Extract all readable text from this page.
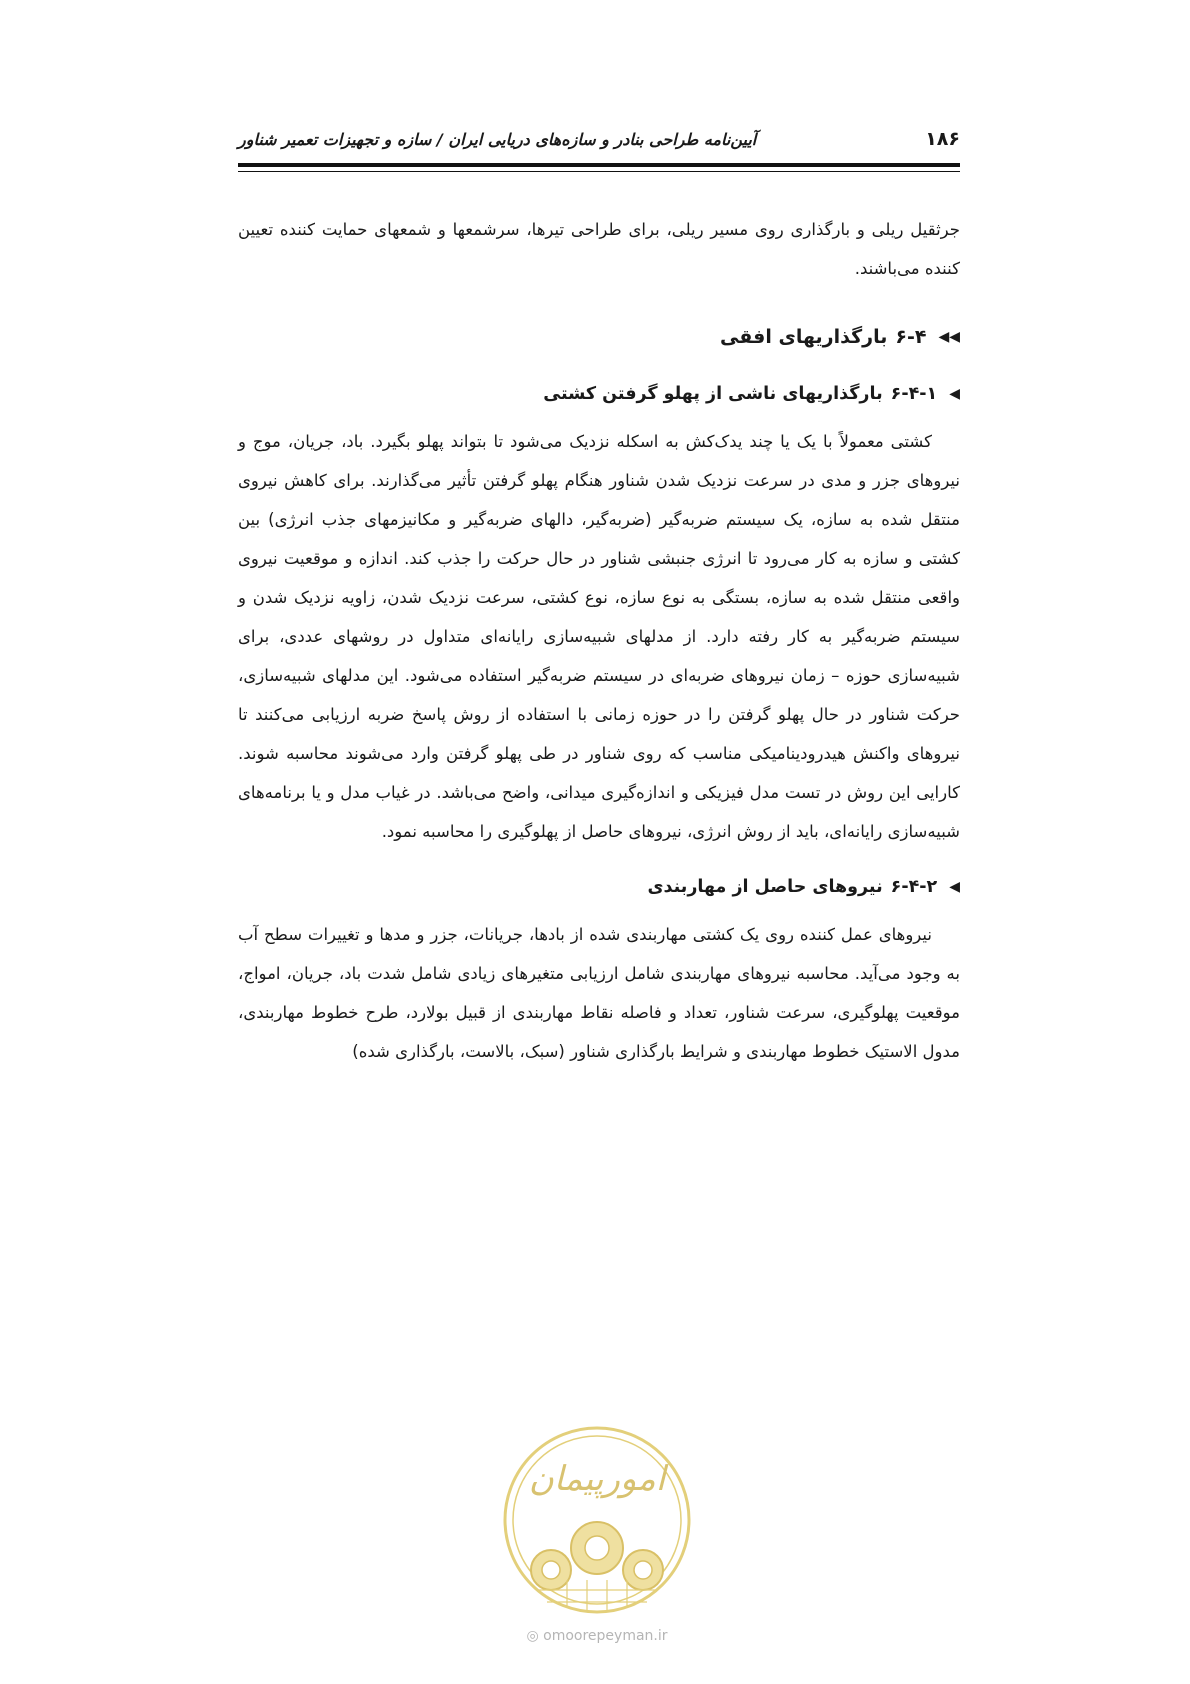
۱۸۶
آیین‌نامه طراحی بنادر و سازه‌های دریایی ایران / سازه و تجهیزات تعمیر شناور

جرثقیل ریلی و بارگذاری روی مسیر ریلی، برای طراحی تیرها، سرشمعها و شمعهای حمایت کننده تعیین کننده می‌باشند.

◀◀
۶-۴
بارگذاریهای افقی
◀
۶-۴-۱
بارگذاریهای ناشی از پهلو گرفتن کشتی

کشتی معمولاً با یک یا چند یدک‌کش به اسکله نزدیک می‌شود تا بتواند پهلو بگیرد. باد، جریان، موج و نیروهای جزر و مدی در سرعت نزدیک شدن شناور هنگام پهلو گرفتن تأثیر می‌گذارند. برای کاهش نیروی منتقل شده به سازه، یک سیستم ضربه‌گیر (ضربه‌گیر، دالهای ضربه‌گیر و مکانیزمهای جذب انرژی) بین کشتی و سازه به کار می‌رود تا انرژی جنبشی شناور در حال حرکت را جذب کند. اندازه و موقعیت نیروی واقعی منتقل شده به سازه، بستگی به نوع سازه، نوع کشتی، سرعت نزدیک شدن، زاویه نزدیک شدن و سیستم ضربه‌گیر به کار رفته دارد. از مدلهای شبیه‌سازی رایانه‌ای متداول در روشهای عددی، برای شبیه‌سازی حوزه – زمان نیروهای ضربه‌ای در سیستم ضربه‌گیر استفاده می‌شود. این مدلهای شبیه‌سازی، حرکت شناور در حال پهلو گرفتن را در حوزه زمانی با استفاده از روش پاسخ ضربه ارزیابی می‌کنند تا نیروهای واکنش هیدرودینامیکی مناسب که روی شناور در طی پهلو گرفتن وارد می‌شوند محاسبه شوند. کارایی این روش در تست مدل فیزیکی و اندازه‌گیری میدانی، واضح می‌باشد. در غیاب مدل و یا برنامه‌های شبیه‌سازی رایانه‌ای، باید از روش انرژی، نیروهای حاصل از پهلوگیری را محاسبه نمود.

◀
۶-۴-۲
نیروهای حاصل از مهاربندی

نیروهای عمل کننده روی یک کشتی مهاربندی شده از بادها، جریانات، جزر و مدها و تغییرات سطح آب به وجود می‌آید. محاسبه نیروهای مهاربندی شامل ارزیابی متغیرهای زیادی شامل شدت باد، جریان، امواج، موقعیت پهلوگیری، سرعت شناور، تعداد و فاصله نقاط مهاربندی از قبیل بولارد، طرح خطوط مهاربندی، مدول الاستیک خطوط مهاربندی و شرایط بارگذاری شناور (سبک، بالاست، بارگذاری شده)

امورپیمان
◎ omoorepeyman.ir
